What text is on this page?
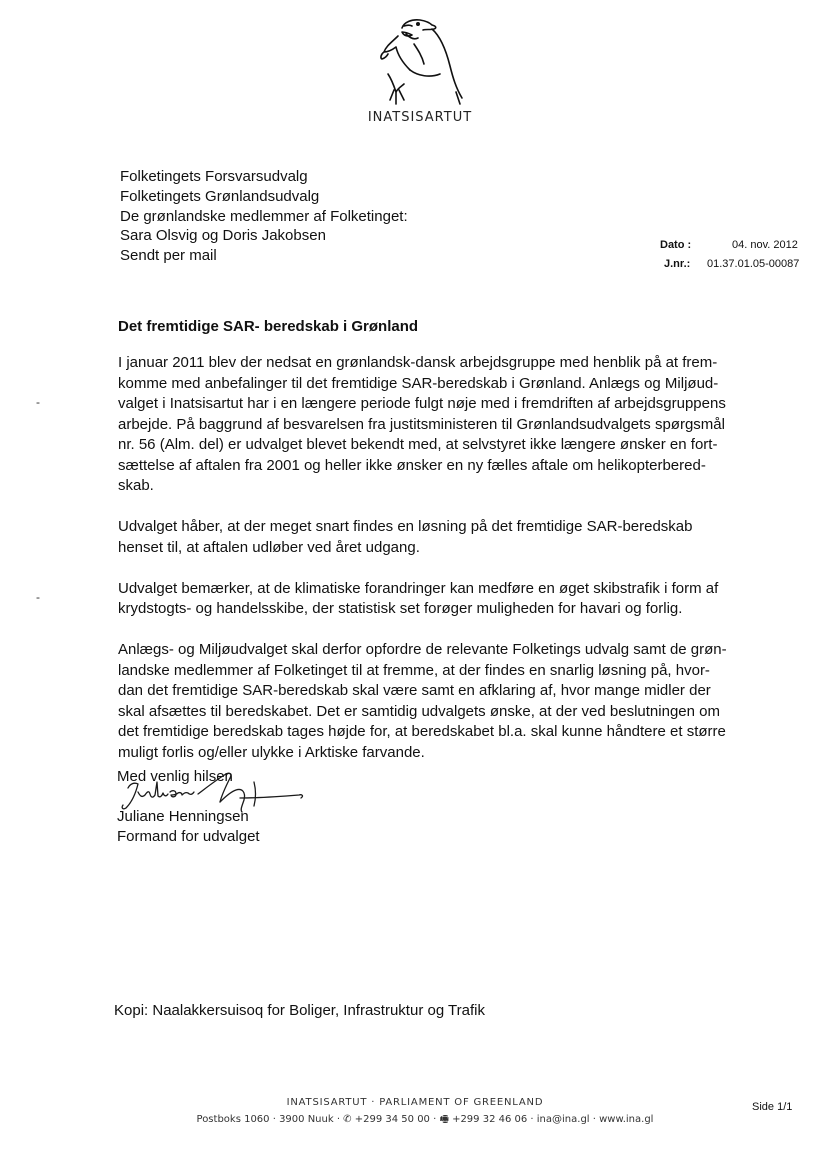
INATSISARTUT
Folketingets Forsvarsudvalg
Folketingets Grønlandsudvalg
De grønlandske medlemmer af Folketinget:
Sara Olsvig og Doris Jakobsen
Sendt per mail
Dato :	04. nov. 2012
J.nr.: 01.37.01.05-00087
Det fremtidige SAR- beredskab i Grønland

I januar 2011 blev der nedsat en grønlandsk-dansk arbejdsgruppe med henblik på at frem-
komme med anbefalinger til det fremtidige SAR-beredskab i Grønland. Anlægs og Miljøud-
valget i Inatsisartut har i en længere periode fulgt nøje med i fremdriften af arbejdsgruppens
arbejde. På baggrund af besvarelsen fra justitsministeren til Grønlandsudvalgets spørgsmål
nr. 56 (Alm. del) er udvalget blevet bekendt med, at selvstyret ikke længere ønsker en fort-
sættelse af aftalen fra 2001 og heller ikke ønsker en ny fælles aftale om helikopterbered-
skab.

Udvalget håber, at der meget snart findes en løsning på det fremtidige SAR-beredskab
henset til, at aftalen udløber ved året udgang.

Udvalget bemærker, at de klimatiske forandringer kan medføre en øget skibstrafik i form af
krydstogts- og handelsskibe, der statistisk set forøger muligheden for havari og forlig.

Anlægs- og Miljøudvalget skal derfor opfordre de relevante Folketings udvalg samt de grøn-
landske medlemmer af Folketinget til at fremme, at der findes en snarlig løsning på, hvor-
dan det fremtidige SAR-beredskab skal være samt en afklaring af, hvor mange midler der
skal afsættes til beredskabet. Det er samtidig udvalgets ønske, at der ved beslutningen om
det fremtidige beredskab tages højde for, at beredskabet bl.a. skal kunne håndtere et større
muligt forlis og/eller ulykke i Arktiske farvande.

-
-
Med venlig hilsen
Juliane Henningsen
Formand for udvalget
Kopi: Naalakkersuisoq for Boliger, Infrastruktur og Trafik
INATSISARTUT · PARLIAMENT OF GREENLAND
Postboks 1060 · 3900 Nuuk · ✆ +299 34 50 00 · 🖷 +299 32 46 06 · ina@ina.gl · www.ina.gl
Side 1/1
